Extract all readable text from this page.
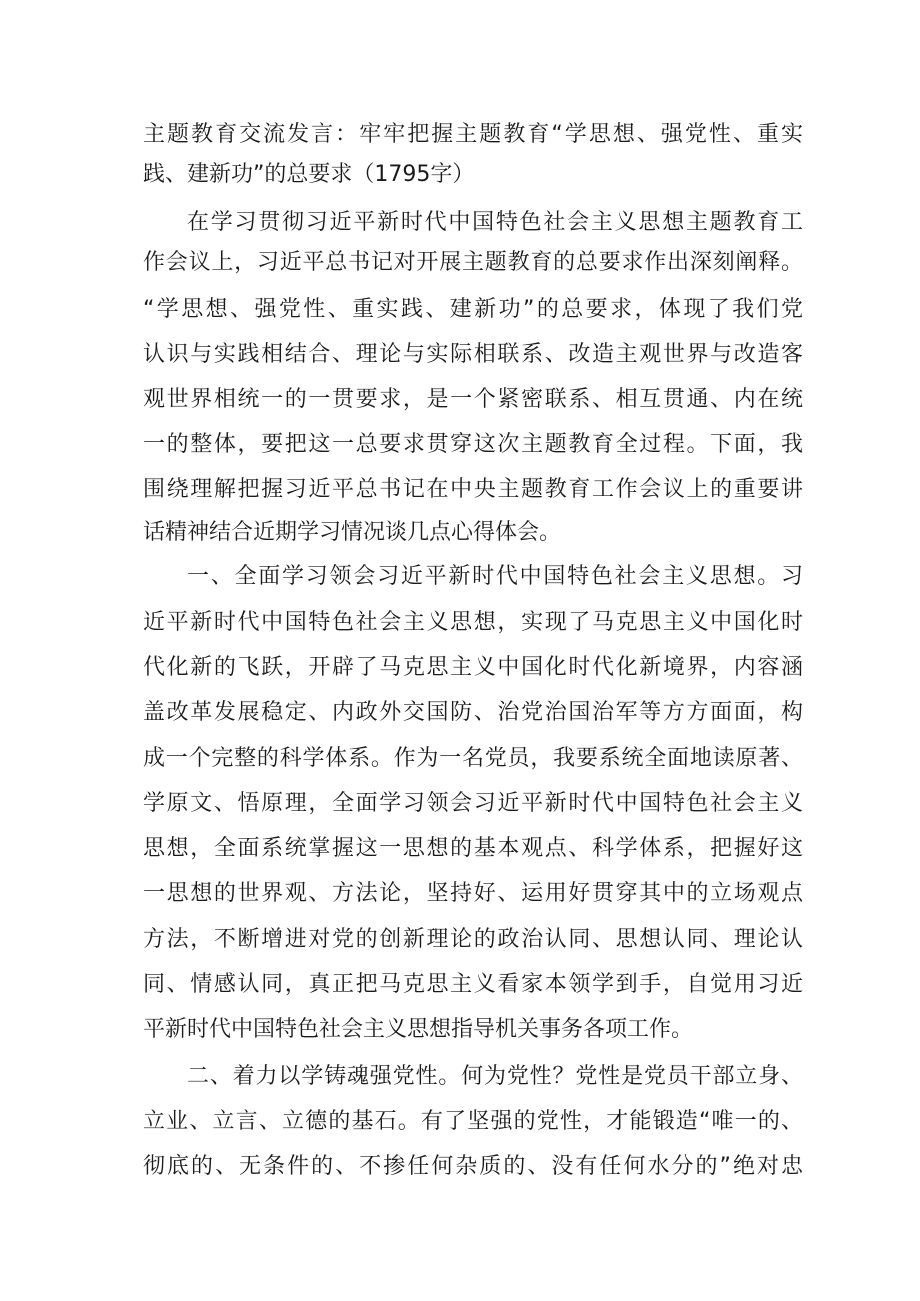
主题教育交流发言：牢牢把握主题教育“学思想、强党性、重实
践、建新功”的总要求（1795字）
在学习贯彻习近平新时代中国特色社会主义思想主题教育工
作会议上，习近平总书记对开展主题教育的总要求作出深刻阐释。
“学思想、强党性、重实践、建新功”的总要求，体现了我们党
认识与实践相结合、理论与实际相联系、改造主观世界与改造客
观世界相统一的一贯要求，是一个紧密联系、相互贯通、内在统
一的整体，要把这一总要求贯穿这次主题教育全过程。下面，我
围绕理解把握习近平总书记在中央主题教育工作会议上的重要讲
话精神结合近期学习情况谈几点心得体会。
一、全面学习领会习近平新时代中国特色社会主义思想。习
近平新时代中国特色社会主义思想，实现了马克思主义中国化时
代化新的飞跃，开辟了马克思主义中国化时代化新境界，内容涵
盖改革发展稳定、内政外交国防、治党治国治军等方方面面，构
成一个完整的科学体系。作为一名党员，我要系统全面地读原著、
学原文、悟原理，全面学习领会习近平新时代中国特色社会主义
思想，全面系统掌握这一思想的基本观点、科学体系，把握好这
一思想的世界观、方法论，坚持好、运用好贯穿其中的立场观点
方法，不断增进对党的创新理论的政治认同、思想认同、理论认
同、情感认同，真正把马克思主义看家本领学到手，自觉用习近
平新时代中国特色社会主义思想指导机关事务各项工作。
二、着力以学铸魂强党性。何为党性？党性是党员干部立身、
立业、立言、立德的基石。有了坚强的党性，才能锻造“唯一的、
彻底的、无条件的、不掺任何杂质的、没有任何水分的”绝对忠
